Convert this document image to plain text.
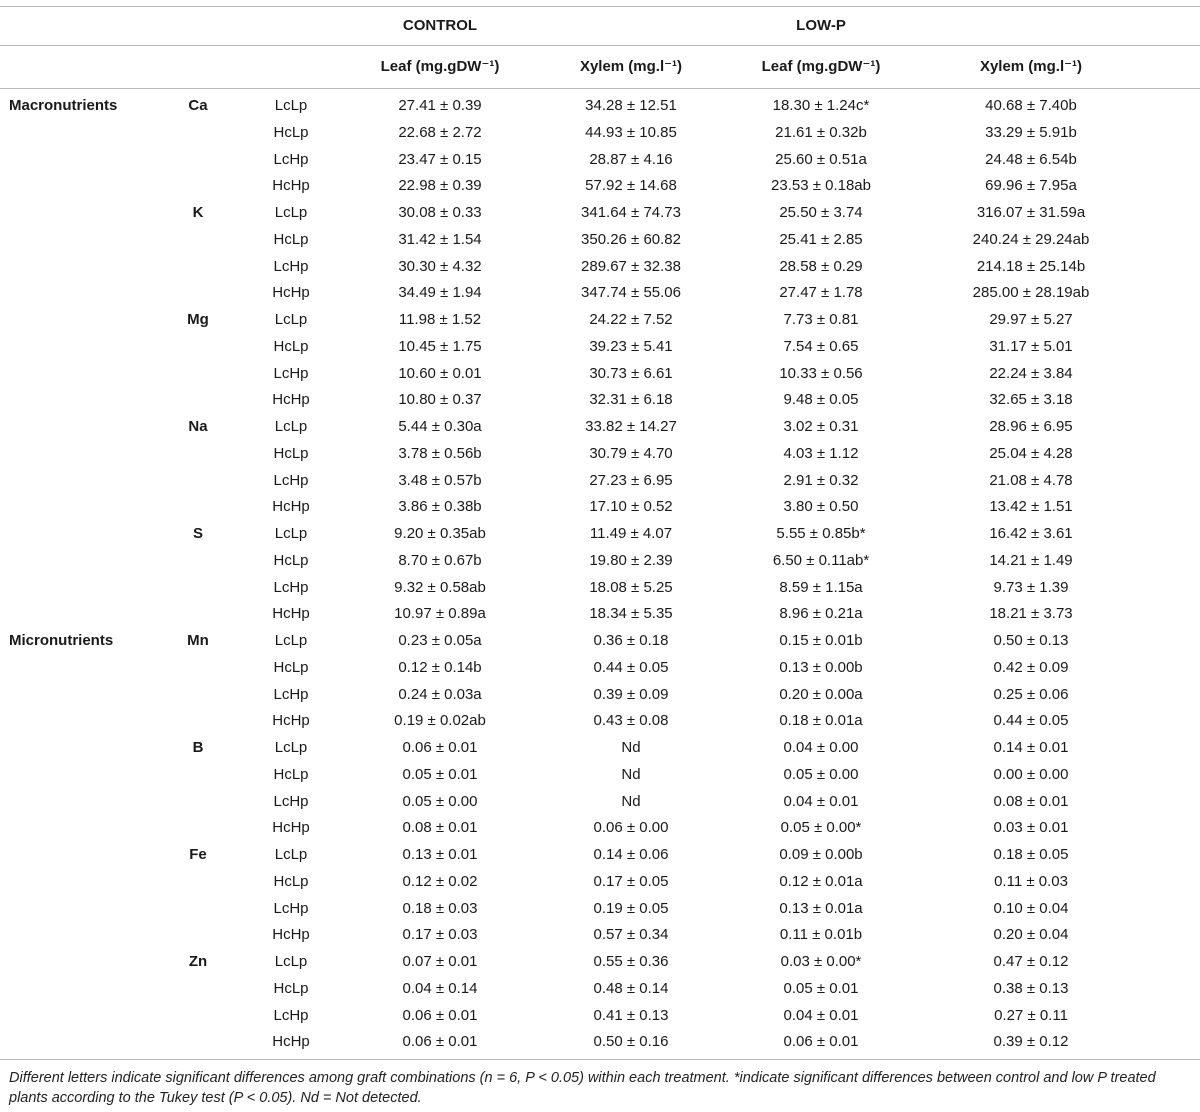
CONTROL	LOW-P
Leaf (mg.gDW⁻¹)	Xylem (mg.l⁻¹)	Leaf (mg.gDW⁻¹)	Xylem (mg.l⁻¹)
Macronutrients	Ca	LcLp	27.41 ± 0.39	34.28 ± 12.51	18.30 ± 1.24c*	40.68 ± 7.40b
HcLp	22.68 ± 2.72	44.93 ± 10.85	21.61 ± 0.32b	33.29 ± 5.91b
LcHp	23.47 ± 0.15	28.87 ± 4.16	25.60 ± 0.51a	24.48 ± 6.54b
HcHp	22.98 ± 0.39	57.92 ± 14.68	23.53 ± 0.18ab	69.96 ± 7.95a
K	LcLp	30.08 ± 0.33	341.64 ± 74.73	25.50 ± 3.74	316.07 ± 31.59a
HcLp	31.42 ± 1.54	350.26 ± 60.82	25.41 ± 2.85	240.24 ± 29.24ab
LcHp	30.30 ± 4.32	289.67 ± 32.38	28.58 ± 0.29	214.18 ± 25.14b
HcHp	34.49 ± 1.94	347.74 ± 55.06	27.47 ± 1.78	285.00 ± 28.19ab
Mg	LcLp	11.98 ± 1.52	24.22 ± 7.52	7.73 ± 0.81	29.97 ± 5.27
HcLp	10.45 ± 1.75	39.23 ± 5.41	7.54 ± 0.65	31.17 ± 5.01
LcHp	10.60 ± 0.01	30.73 ± 6.61	10.33 ± 0.56	22.24 ± 3.84
HcHp	10.80 ± 0.37	32.31 ± 6.18	9.48 ± 0.05	32.65 ± 3.18
Na	LcLp	5.44 ± 0.30a	33.82 ± 14.27	3.02 ± 0.31	28.96 ± 6.95
HcLp	3.78 ± 0.56b	30.79 ± 4.70	4.03 ± 1.12	25.04 ± 4.28
LcHp	3.48 ± 0.57b	27.23 ± 6.95	2.91 ± 0.32	21.08 ± 4.78
HcHp	3.86 ± 0.38b	17.10 ± 0.52	3.80 ± 0.50	13.42 ± 1.51
S	LcLp	9.20 ± 0.35ab	11.49 ± 4.07	5.55 ± 0.85b*	16.42 ± 3.61
HcLp	8.70 ± 0.67b	19.80 ± 2.39	6.50 ± 0.11ab*	14.21 ± 1.49
LcHp	9.32 ± 0.58ab	18.08 ± 5.25	8.59 ± 1.15a	9.73 ± 1.39
HcHp	10.97 ± 0.89a	18.34 ± 5.35	8.96 ± 0.21a	18.21 ± 3.73
Micronutrients	Mn	LcLp	0.23 ± 0.05a	0.36 ± 0.18	0.15 ± 0.01b	0.50 ± 0.13
HcLp	0.12 ± 0.14b	0.44 ± 0.05	0.13 ± 0.00b	0.42 ± 0.09
LcHp	0.24 ± 0.03a	0.39 ± 0.09	0.20 ± 0.00a	0.25 ± 0.06
HcHp	0.19 ± 0.02ab	0.43 ± 0.08	0.18 ± 0.01a	0.44 ± 0.05
B	LcLp	0.06 ± 0.01	Nd	0.04 ± 0.00	0.14 ± 0.01
HcLp	0.05 ± 0.01	Nd	0.05 ± 0.00	0.00 ± 0.00
LcHp	0.05 ± 0.00	Nd	0.04 ± 0.01	0.08 ± 0.01
HcHp	0.08 ± 0.01	0.06 ± 0.00	0.05 ± 0.00*	0.03 ± 0.01
Fe	LcLp	0.13 ± 0.01	0.14 ± 0.06	0.09 ± 0.00b	0.18 ± 0.05
HcLp	0.12 ± 0.02	0.17 ± 0.05	0.12 ± 0.01a	0.11 ± 0.03
LcHp	0.18 ± 0.03	0.19 ± 0.05	0.13 ± 0.01a	0.10 ± 0.04
HcHp	0.17 ± 0.03	0.57 ± 0.34	0.11 ± 0.01b	0.20 ± 0.04
Zn	LcLp	0.07 ± 0.01	0.55 ± 0.36	0.03 ± 0.00*	0.47 ± 0.12
HcLp	0.04 ± 0.14	0.48 ± 0.14	0.05 ± 0.01	0.38 ± 0.13
LcHp	0.06 ± 0.01	0.41 ± 0.13	0.04 ± 0.01	0.27 ± 0.11
HcHp	0.06 ± 0.01	0.50 ± 0.16	0.06 ± 0.01	0.39 ± 0.12
Different letters indicate significant differences among graft combinations (n = 6, P < 0.05) within each treatment. *indicate significant differences between control and low P treated plants according to the Tukey test (P < 0.05). Nd = Not detected.
